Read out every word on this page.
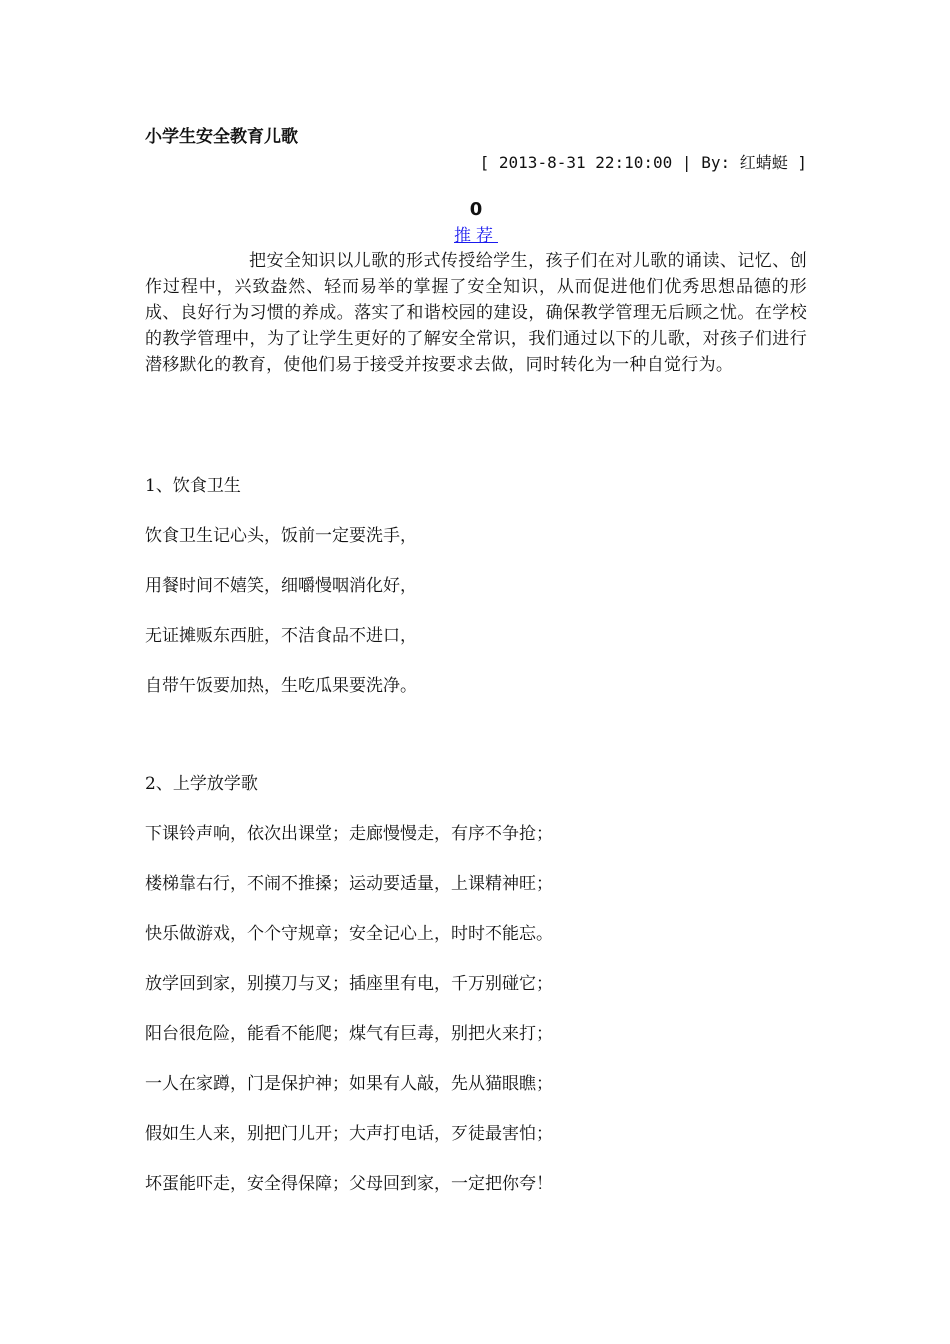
小学生安全教育儿歌
[ 2013-8-31 22:10:00 | By: 红蜻蜓 ]
0
推荐

把安全知识以儿歌的形式传授给学生，孩子们在对儿歌的诵读、记忆、创作过程中，兴致盎然、轻而易举的掌握了安全知识，从而促进他们优秀思想品德的形成、良好行为习惯的养成。落实了和谐校园的建设，确保教学管理无后顾之忧。在学校的教学管理中，为了让学生更好的了解安全常识，我们通过以下的儿歌，对孩子们进行潜移默化的教育，使他们易于接受并按要求去做，同时转化为一种自觉行为。

1、饮食卫生

饮食卫生记心头，饭前一定要洗手，

用餐时间不嬉笑，细嚼慢咽消化好，

无证摊贩东西脏，不洁食品不进口，

自带午饭要加热，生吃瓜果要洗净。

2、上学放学歌

下课铃声响，依次出课堂；走廊慢慢走，有序不争抢；

楼梯靠右行，不闹不推搡；运动要适量，上课精神旺；

快乐做游戏，个个守规章；安全记心上，时时不能忘。

放学回到家，别摸刀与叉；插座里有电，千万别碰它；

阳台很危险，能看不能爬；煤气有巨毒，别把火来打；

一人在家蹲，门是保护神；如果有人敲，先从猫眼瞧；

假如生人来，别把门儿开；大声打电话，歹徒最害怕；

坏蛋能吓走，安全得保障；父母回到家，一定把你夸！
